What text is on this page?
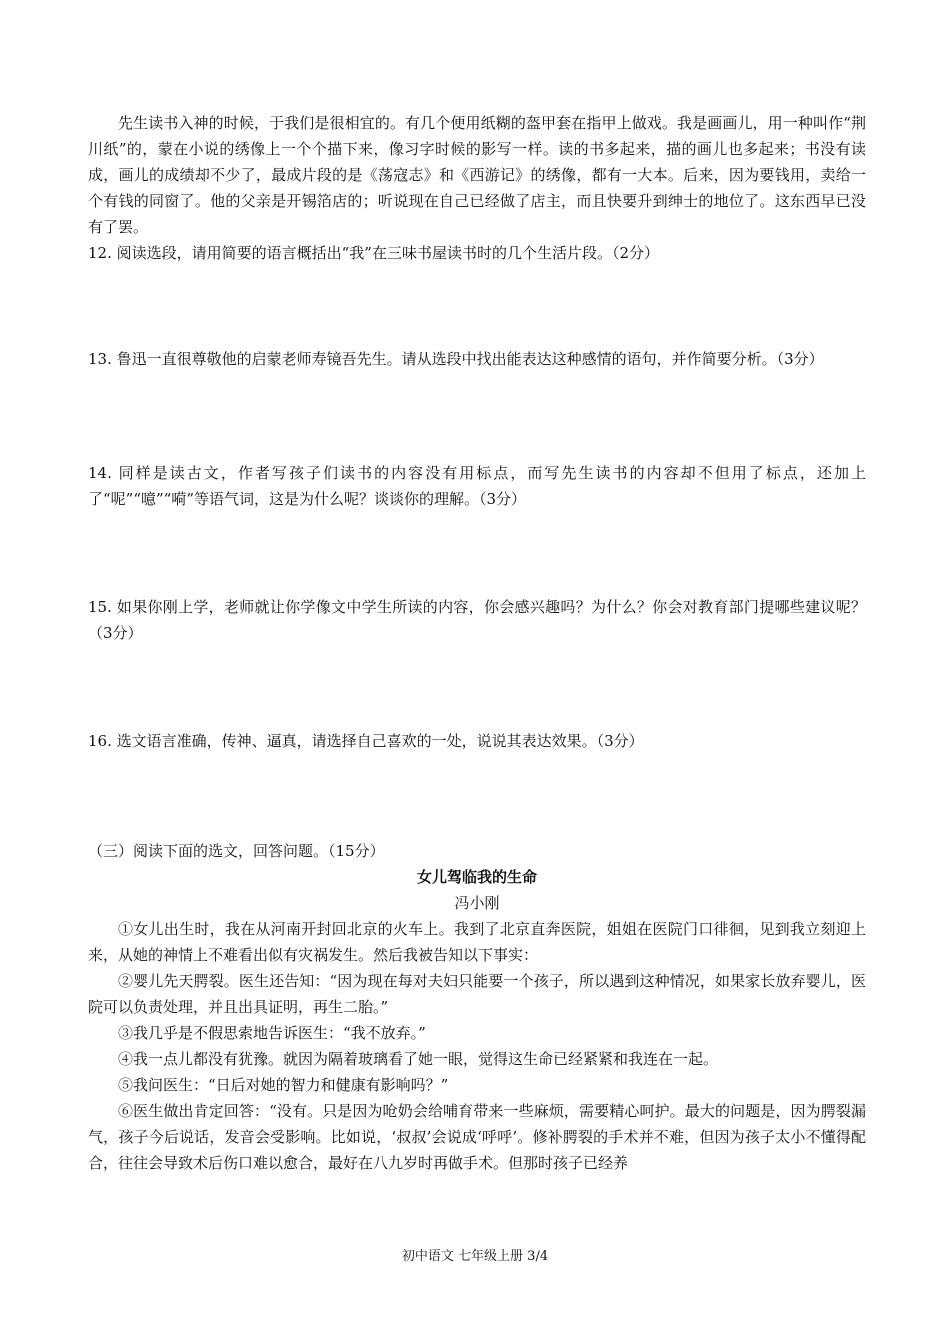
先生读书入神的时候，于我们是很相宜的。有几个便用纸糊的盔甲套在指甲上做戏。我是画画儿，用一种叫作“荆川纸”的，蒙在小说的绣像上一个个描下来，像习字时候的影写一样。读的书多起来，描的画儿也多起来；书没有读成，画儿的成绩却不少了，最成片段的是《荡寇志》和《西游记》的绣像，都有一大本。后来，因为要钱用，卖给一个有钱的同窗了。他的父亲是开锡箔店的；听说现在自己已经做了店主，而且快要升到绅士的地位了。这东西早已没有了罢。

12. 阅读选段，请用简要的语言概括出“我”在三味书屋读书时的几个生活片段。（2分）

13. 鲁迅一直很尊敬他的启蒙老师寿镜吾先生。请从选段中找出能表达这种感情的语句，并作简要分析。（3分）

14. 同样是读古文，作者写孩子们读书的内容没有用标点，而写先生读书的内容却不但用了标点，还加上了“呢”“噫”“嗬”等语气词，这是为什么呢？谈谈你的理解。（3分）

15. 如果你刚上学，老师就让你学像文中学生所读的内容，你会感兴趣吗？为什么？你会对教育部门提哪些建议呢？（3分）

16. 选文语言准确，传神、逼真，请选择自己喜欢的一处，说说其表达效果。（3分）

（三）阅读下面的选文，回答问题。（15分）

女儿驾临我的生命

冯小刚

①女儿出生时，我在从河南开封回北京的火车上。我到了北京直奔医院，姐姐在医院门口徘徊，见到我立刻迎上来，从她的神情上不难看出似有灾祸发生。然后我被告知以下事实：

②婴儿先天腭裂。医生还告知：“因为现在每对夫妇只能要一个孩子，所以遇到这种情况，如果家长放弃婴儿，医院可以负责处理，并且出具证明，再生二胎。”

③我几乎是不假思索地告诉医生：“我不放弃。”

④我一点儿都没有犹豫。就因为隔着玻璃看了她一眼，觉得这生命已经紧紧和我连在一起。

⑤我问医生：“日后对她的智力和健康有影响吗？”

⑥医生做出肯定回答：“没有。只是因为呛奶会给哺育带来一些麻烦，需要精心呵护。最大的问题是，因为腭裂漏气，孩子今后说话，发音会受影响。比如说，‘叔叔’会说成‘呼呼’。修补腭裂的手术并不难，但因为孩子太小不懂得配合，往往会导致术后伤口难以愈合，最好在八九岁时再做手术。但那时孩子已经养

初中语文 七年级上册 3/4
